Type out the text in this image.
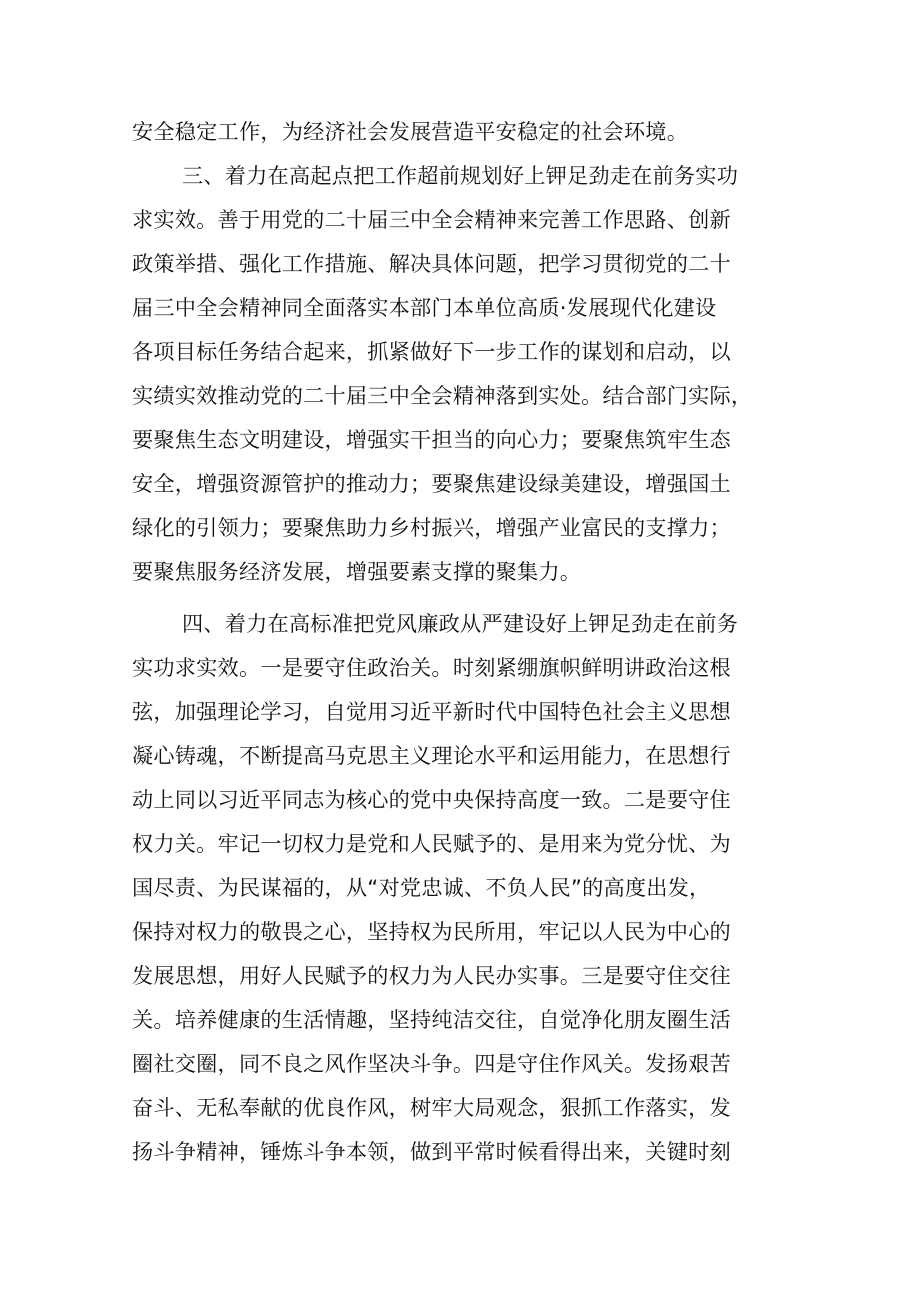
安全稳定工作，为经济社会发展营造平安稳定的社会环境。
三、着力在高起点把工作超前规划好上钾足劲走在前务实功
求实效。善于用党的二十届三中全会精神来完善工作思路、创新
政策举措、强化工作措施、解决具体问题，把学习贯彻党的二十
届三中全会精神同全面落实本部门本单位高质·发展现代化建设
各项目标任务结合起来，抓紧做好下一步工作的谋划和启动，以
实绩实效推动党的二十届三中全会精神落到实处。结合部门实际，
要聚焦生态文明建设，增强实干担当的向心力；要聚焦筑牢生态
安全，增强资源管护的推动力；要聚焦建设绿美建设，增强国土
绿化的引领力；要聚焦助力乡村振兴，增强产业富民的支撑力；
要聚焦服务经济发展，增强要素支撑的聚集力。
四、着力在高标准把党风廉政从严建设好上钾足劲走在前务
实功求实效。一是要守住政治关。时刻紧绷旗帜鲜明讲政治这根
弦，加强理论学习，自觉用习近平新时代中国特色社会主义思想
凝心铸魂，不断提高马克思主义理论水平和运用能力，在思想行
动上同以习近平同志为核心的党中央保持高度一致。二是要守住
权力关。牢记一切权力是党和人民赋予的、是用来为党分忧、为
国尽责、为民谋福的，从“对党忠诚、不负人民”的高度出发，
保持对权力的敬畏之心，坚持权为民所用，牢记以人民为中心的
发展思想，用好人民赋予的权力为人民办实事。三是要守住交往
关。培养健康的生活情趣，坚持纯洁交往，自觉净化朋友圈生活
圈社交圈，同不良之风作坚决斗争。四是守住作风关。发扬艰苦
奋斗、无私奉献的优良作风，树牢大局观念，狠抓工作落实，发
扬斗争精神，锤炼斗争本领，做到平常时候看得出来，关键时刻
